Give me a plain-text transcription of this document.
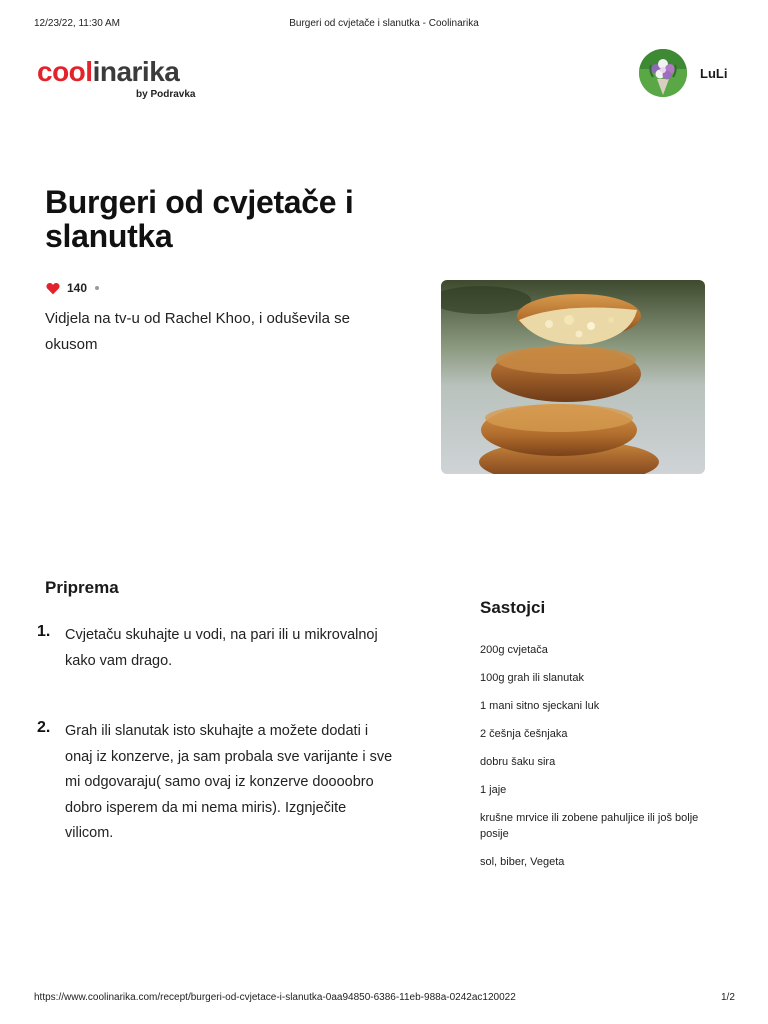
12/23/22, 11:30 AM	Burgeri od cvjetače i slanutka - Coolinarika
coolinarika
by Podravka
LuLi
Burgeri od cvjetače i slanutka
140

Vidjela na tv-u od Rachel Khoo, i oduševila se okusom

Priprema
1. Cvjetaču skuhajte u vodi, na pari ili u mikrovalnoj kako vam drago.

2. Grah ili slanutak isto skuhajte a možete dodati i onaj iz konzerve, ja sam probala sve varijante i sve mi odgovaraju( samo ovaj iz konzerve doooobro dobro isperem da mi nema miris). Izgnječite vilicom.

Sastojci
200g cvjetača
100g grah ili slanutak
1 mani sitno sjeckani luk
2 češnja češnjaka
dobru šaku sira
1 jaje
krušne mrvice ili zobene pahuljice ili još bolje posije
sol, biber, Vegeta
https://www.coolinarika.com/recept/burgeri-od-cvjetace-i-slanutka-0aa94850-6386-11eb-988a-0242ac120022	1/2
